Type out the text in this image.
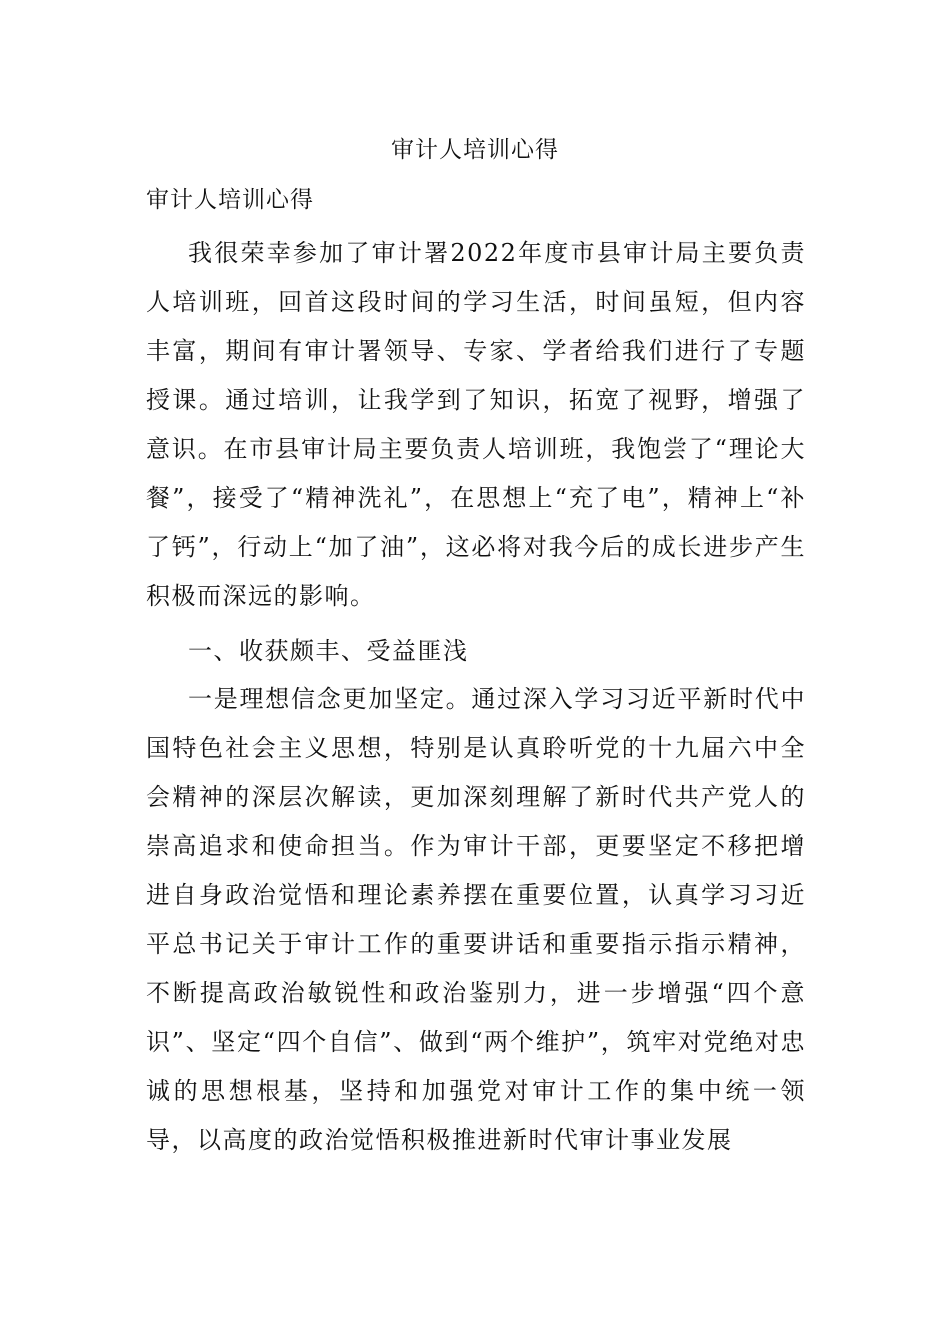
审计人培训心得
审计人培训心得

我很荣幸参加了审计署2022年度市县审计局主要负责人培训班，回首这段时间的学习生活，时间虽短，但内容丰富，期间有审计署领导、专家、学者给我们进行了专题授课。通过培训，让我学到了知识，拓宽了视野，增强了意识。在市县审计局主要负责人培训班，我饱尝了“理论大餐”，接受了“精神洗礼”，在思想上“充了电”，精神上“补了钙”，行动上“加了油”，这必将对我今后的成长进步产生积极而深远的影响。

一、收获颇丰、受益匪浅

一是理想信念更加坚定。通过深入学习习近平新时代中国特色社会主义思想，特别是认真聆听党的十九届六中全会精神的深层次解读，更加深刻理解了新时代共产党人的崇高追求和使命担当。作为审计干部，更要坚定不移把增进自身政治觉悟和理论素养摆在重要位置，认真学习习近平总书记关于审计工作的重要讲话和重要指示指示精神，不断提高政治敏锐性和政治鉴别力，进一步增强“四个意识”、坚定“四个自信”、做到“两个维护”，筑牢对党绝对忠诚的思想根基，坚持和加强党对审计工作的集中统一领导，以高度的政治觉悟积极推进新时代审计事业发展
